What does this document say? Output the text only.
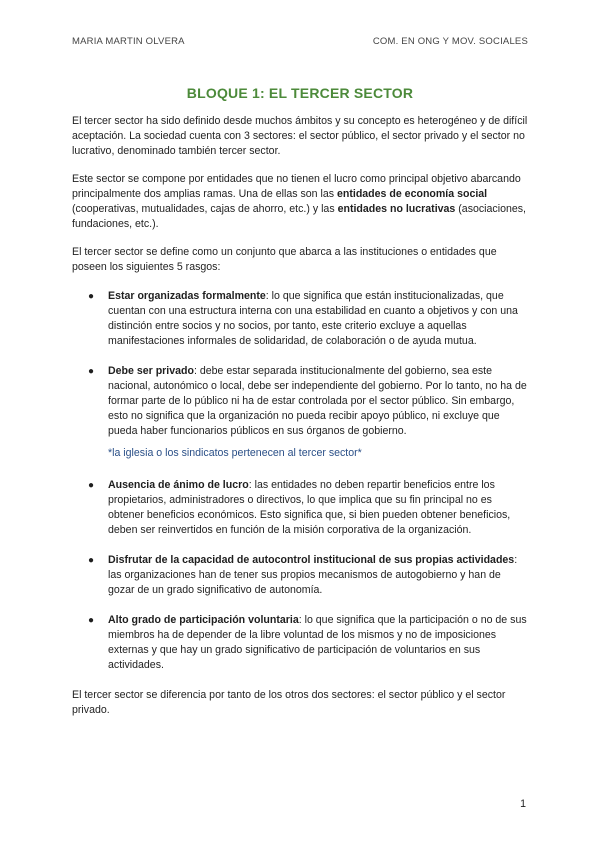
MARIA MARTIN OLVERA	COM. EN ONG Y MOV. SOCIALES
BLOQUE 1: EL TERCER SECTOR

El tercer sector ha sido definido desde muchos ámbitos y su concepto es heterogéneo y de difícil aceptación. La sociedad cuenta con 3 sectores: el sector público, el sector privado y el sector no lucrativo, denominado también tercer sector.

Este sector se compone por entidades que no tienen el lucro como principal objetivo abarcando principalmente dos amplias ramas. Una de ellas son las entidades de economía social (cooperativas, mutualidades, cajas de ahorro, etc.) y las entidades no lucrativas (asociaciones, fundaciones, etc.).

El tercer sector se define como un conjunto que abarca a las instituciones o entidades que poseen los siguientes 5 rasgos:

● Estar organizadas formalmente: lo que significa que están institucionalizadas, que cuentan con una estructura interna con una estabilidad en cuanto a objetivos y con una distinción entre socios y no socios, por tanto, este criterio excluye a aquellas manifestaciones informales de solidaridad, de colaboración o de ayuda mutua.
● Debe ser privado: debe estar separada institucionalmente del gobierno, sea este nacional, autonómico o local, debe ser independiente del gobierno. Por lo tanto, no ha de formar parte de lo público ni ha de estar controlada por el sector público. Sin embargo, esto no significa que la organización no pueda recibir apoyo público, ni excluye que pueda haber funcionarios públicos en sus órganos de gobierno.
*la iglesia o los sindicatos pertenecen al tercer sector*
● Ausencia de ánimo de lucro: las entidades no deben repartir beneficios entre los propietarios, administradores o directivos, lo que implica que su fin principal no es obtener beneficios económicos. Esto significa que, si bien pueden obtener beneficios, deben ser reinvertidos en función de la misión corporativa de la organización.
● Disfrutar de la capacidad de autocontrol institucional de sus propias actividades: las organizaciones han de tener sus propios mecanismos de autogobierno y han de gozar de un grado significativo de autonomía.
● Alto grado de participación voluntaria: lo que significa que la participación o no de sus miembros ha de depender de la libre voluntad de los mismos y no de imposiciones externas y que hay un grado significativo de participación de voluntarios en sus actividades.

El tercer sector se diferencia por tanto de los otros dos sectores: el sector público y el sector privado.

1
